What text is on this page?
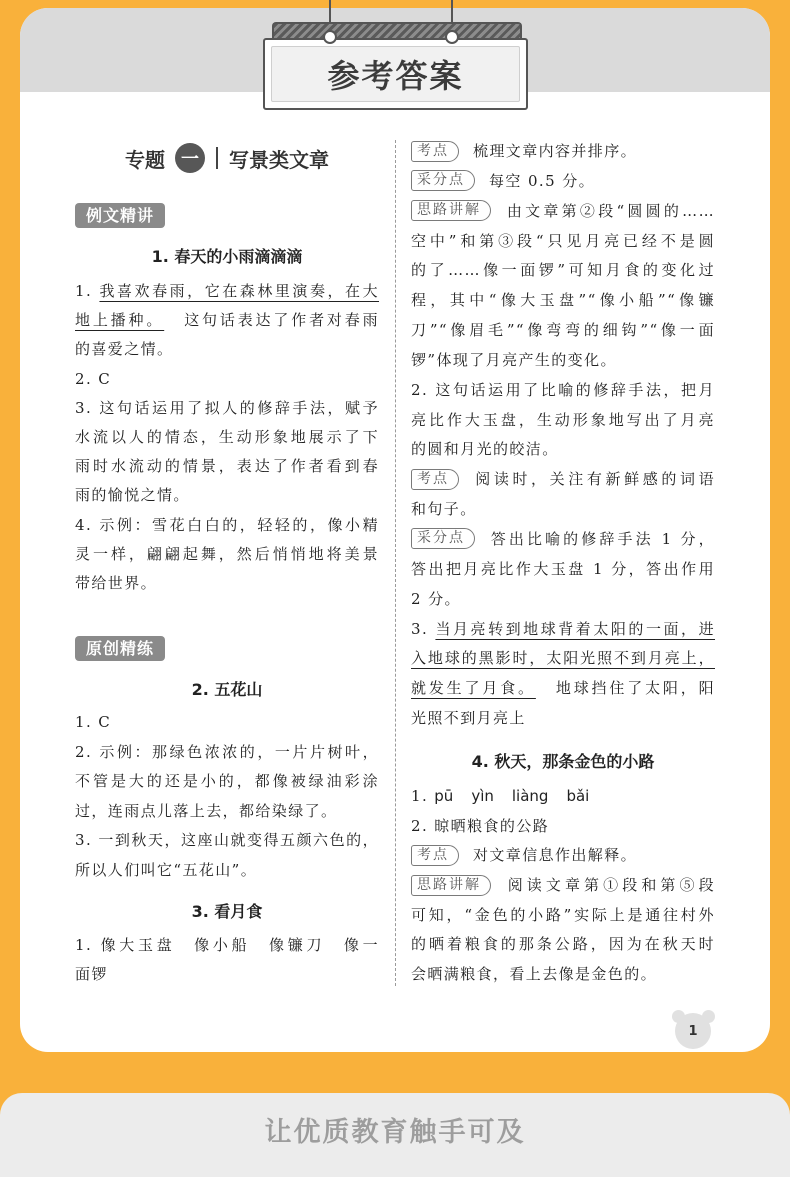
参考答案
专题 一	写景类文章
例文精讲
1. 春天的小雨滴滴滴
1. 我喜欢春雨，它在森林里演奏，在大
地上播种。 这句话表达了作者对春雨
的喜爱之情。
2. C
3. 这句话运用了拟人的修辞手法，赋予
水流以人的情态，生动形象地展示了下
雨时水流动的情景，表达了作者看到春
雨的愉悦之情。
4. 示例：雪花白白的，轻轻的，像小精
灵一样，翩翩起舞，然后悄悄地将美景
带给世界。
原创精练
2. 五花山
1. C
2. 示例：那绿色浓浓的，一片片树叶，
不管是大的还是小的，都像被绿油彩涂
过，连雨点儿落上去，都给染绿了。
3. 一到秋天，这座山就变得五颜六色的，
所以人们叫它“五花山”。
3. 看月食
1. 像大玉盘　像小船　像镰刀　像一
面锣
考点 梳理文章内容并排序。
采分点 每空 0.5 分。
思路讲解 由文章第②段“圆圆的……
空中”和第③段“只见月亮已经不是圆
的了……像一面锣”可知月食的变化过
程，其中“像大玉盘”“像小船”“像镰
刀”“像眉毛”“像弯弯的细钩”“像一面
锣”体现了月亮产生的变化。
2. 这句话运用了比喻的修辞手法，把月
亮比作大玉盘，生动形象地写出了月亮
的圆和月光的皎洁。
考点 阅读时，关注有新鲜感的词语
和句子。
采分点 答出比喻的修辞手法 1 分，
答出把月亮比作大玉盘 1 分，答出作用
2 分。
3. 当月亮转到地球背着太阳的一面，进
入地球的黑影时，太阳光照不到月亮上，
就发生了月食。 地球挡住了太阳，阳
光照不到月亮上
4. 秋天，那条金色的小路
1. pū yìn liàng bǎi
2. 晾晒粮食的公路
考点 对文章信息作出解释。
思路讲解 阅读文章第①段和第⑤段
可知，“金色的小路”实际上是通往村外
的晒着粮食的那条公路，因为在秋天时
会晒满粮食，看上去像是金色的。
1
让优质教育触手可及
